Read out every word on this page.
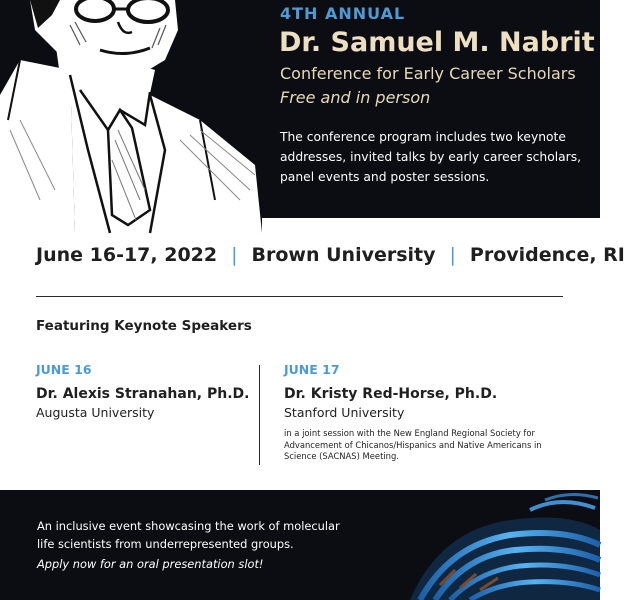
4TH ANNUAL

Dr. Samuel M. Nabrit
Conference for Early Career Scholars
Free and in person
The conference program includes two keynote addresses, invited talks by early career scholars, panel events and poster sessions.
June 16-17, 2022 | Brown University | Providence, RI
Featuring Keynote Speakers
JUNE 16
Dr. Alexis Stranahan, Ph.D.
Augusta University
JUNE 17
Dr. Kristy Red-Horse, Ph.D.
Stanford University
in a joint session with the New England Regional Society for Advancement of Chicanos/Hispanics and Native Americans in Science (SACNAS) Meeting.
An inclusive event showcasing the work of molecular life scientists from underrepresented groups.
Apply now for an oral presentation slot!
